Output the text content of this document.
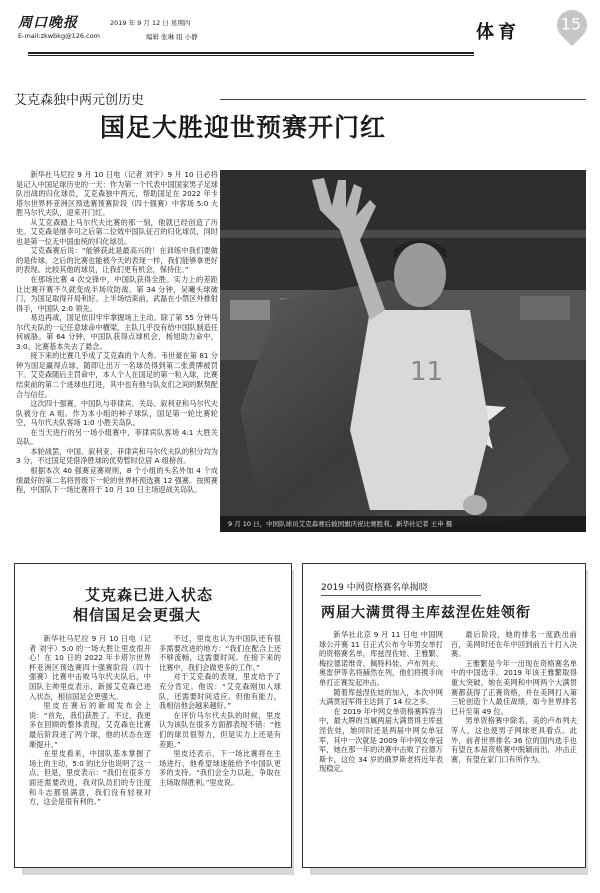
周口晚报
E-mail:zkwbkg@126.com
2019 年 9 月 12 日 星期四
编辑 张琳 组 小静	体育	15
艾克森独中两元创历史
国足大胜迎世预赛开门红

新华社马尼拉 9 月 10 日电（记者 刘宇）9 月 10 日必将是记入中国足球历史的一天：作为第一个代表中国国家男子足球队出战的归化球员，艾克森独中两元，帮助国足在 2022 年卡塔尔世界杯亚洲区预选赛预赛阶段（四十强赛）中客场 5:0 大胜马尔代夫队，迎来开门红。

从艾克森踏上马尔代夫比赛的那一刻，他就已经创造了历史。艾克森是继李可之后第二位效中国队征召的归化球员，同时也是第一位无中国血统的归化球员。

艾克森赛后说：“能够获此是最高兴的！在训练中我们要做的是传球，之后的比赛也能被今天的表现一样，我们能够拿更好的表现。比较其他的球员，让我们更有机会，保持住。”

在那场比赛 4 次交锋中，中国队获得全胜。实力上的差距让比赛开赛不久就变成半场攻防战。第 34 分钟，吴曦头球破门，为国足取得开局利好。上半场结束前，武磊在小禁区外推射得手，中国队 2:0 领先。

易边再战，国足依旧牢牢掌握场上主动。除了第 55 分钟马尔代夫队的一记任意球命中横梁，主队几乎没有给中国队制造任何威胁。第 64 分钟，中国队获得点球机会，杨旭助力命中，3:0。比赛基本失去了悬念。

接下来的比赛几乎成了艾克森的个人秀。韦世豪在第 81 分钟为国足赢得点球，随即让出万一名球员得到第二张黄牌被罚下。艾克森随后主罚命中，本人个人在国足的第一粒入球，比赛结束前的第二个进球也打进，其中也有他与队友们之间的默契配合与信任。

这次四十强赛，中国队与菲律宾、关岛、叙利亚和马尔代夫队被分在 A 组。作为本小组的种子球队，国足第一轮比赛轮空，马尔代夫队客场 1:0 小胜关岛队。

在当天进行的另一场小组赛中，菲律宾队客场 4:1 大胜关岛队。

本轮战罢，中国、叙利亚、菲律宾和马尔代夫队的积分均为 3 分，不过国足凭借净胜球的优势暂时位居 A 组榜首。

根据本次 40 强赛竞赛规则，8 个小组的头名外加 4 个成绩最好的第二名将晋级下一轮的世界杯预选赛 12 强赛。按照赛程，中国队下一场比赛将于 10 月 10 日主场迎战关岛队。

11
9 月 10 日，中国队球员艾克森赛后披国旗庆祝比赛胜利。新华社记者 王申 摄
艾克森已进入状态
相信国足会更强大

新华社马尼拉 9 月 10 日电（记者 刘宇）5:0 的一场大胜让里皮很开心！在 10 日的 2022 年卡塔尔世界杯亚洲区预选赛四十强赛阶段（四十强赛）比赛中击败马尔代夫队后，中国队主帅里皮表示，新援艾克森已进入状态，相信国足会更强大。

里皮在赛后的新闻发布会上说：“首先，我们获胜了。不过，我更多在回顾的整体表现，艾克森在比赛最后阶段进了两个球，他的状态在逐渐提升。”

在里皮看来，中国队基本掌握了场上的主动，5:0 的比分也说明了这一点。但是，里皮表示：“我们在很多方面还需要改进，我对队员们的专注度和斗志都很满意，我们没有轻视对方，这会是很有利的。”

不过，里皮也认为中国队还有很多需要改进的地方：“我们在配合上还不够流畅，这需要时间。在接下来的比赛中，我们会做更多的工作。”

对于艾克森的表现，里皮给予了充分肯定。他说：“艾克森刚加入球队，还需要时间适应。但他有能力，我相信他会越来越好。”

在评价马尔代夫队的时候，里皮认为该队在很多方面都表现不错：“他们的球员很努力，但是实力上还是有差距。”

里皮还表示，下一场比赛将在主场进行，他希望球迷能给予中国队更多的支持。“我们会全力以赴，争取在主场取得胜利。”里皮说。

2019 中网资格赛名单揭晓
两届大满贯得主库兹涅佐娃领衔

新华社北京 9 月 11 日电 中国网球公开赛 11 日正式公布今年男女单打的资格赛名单，库兹涅佐娃、王雅繁、梅拉德诺维奇、佩特科娃、卢布列夫、奥雷伊等名将赫然在列，他们将携手向单打正赛发起冲击。

随着库兹涅佐娃的加入，本次中网大满贯冠军得主达到了 14 位之多。

在 2019 年中网女单资格赛阵容当中，最大牌的当属两届大满贯得主库兹涅佐娃，她同时还是两届中网女单冠军，其中一次就是 2009 年中网女单冠军，她在那一年的决赛中击败了拉德万斯卡，这位 34 岁的俄罗斯老将近年表现稳定。

最后阶段，她的排名一度跌出前百，美网时还在年中回到前五十打入决赛。

王雅繁是今年一出现在资格赛名单中的中国选手。2019 年该王雅繁取得重大突破，她在美网和中网两个大满贯赛都获得了正赛资格，并在美网打入第三轮创造个人最佳战绩，如今世界排名已升至第 49 位。

男单资格赛中除名，美的卢布列夫等人，这也使男子网球更具看点。此外，前者世界排名 36 位的国内选手也有望在本届资格赛中脱颖而出，冲击正赛，有望在家门口有所作为。
